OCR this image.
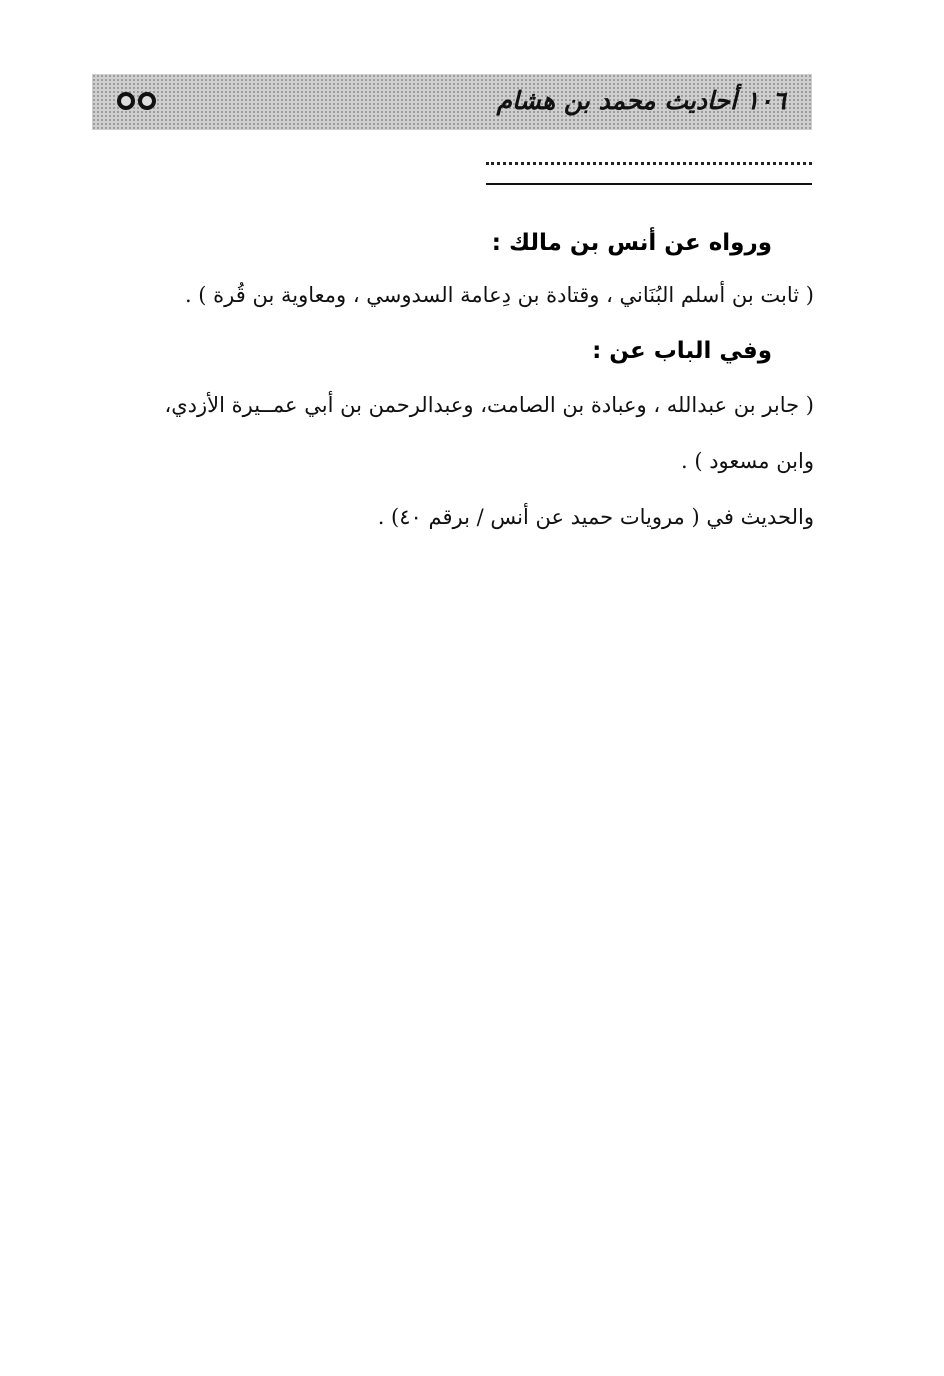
١٠٦ أحاديث محمد بن هشام

ورواه عن أنس بن مالك :

( ثابت بن أسلم البُنَاني ، وقتادة بن دِعامة السدوسي ، ومعاوية بن قُرة ) .

وفي الباب عن :

( جابر بن عبدالله ، وعبادة بن الصامت، وعبدالرحمن بن أبي عمــيرة الأزدي،

وابن مسعود ) .

والحديث في ( مرويات حميد عن أنس / برقم ٤٠) .
